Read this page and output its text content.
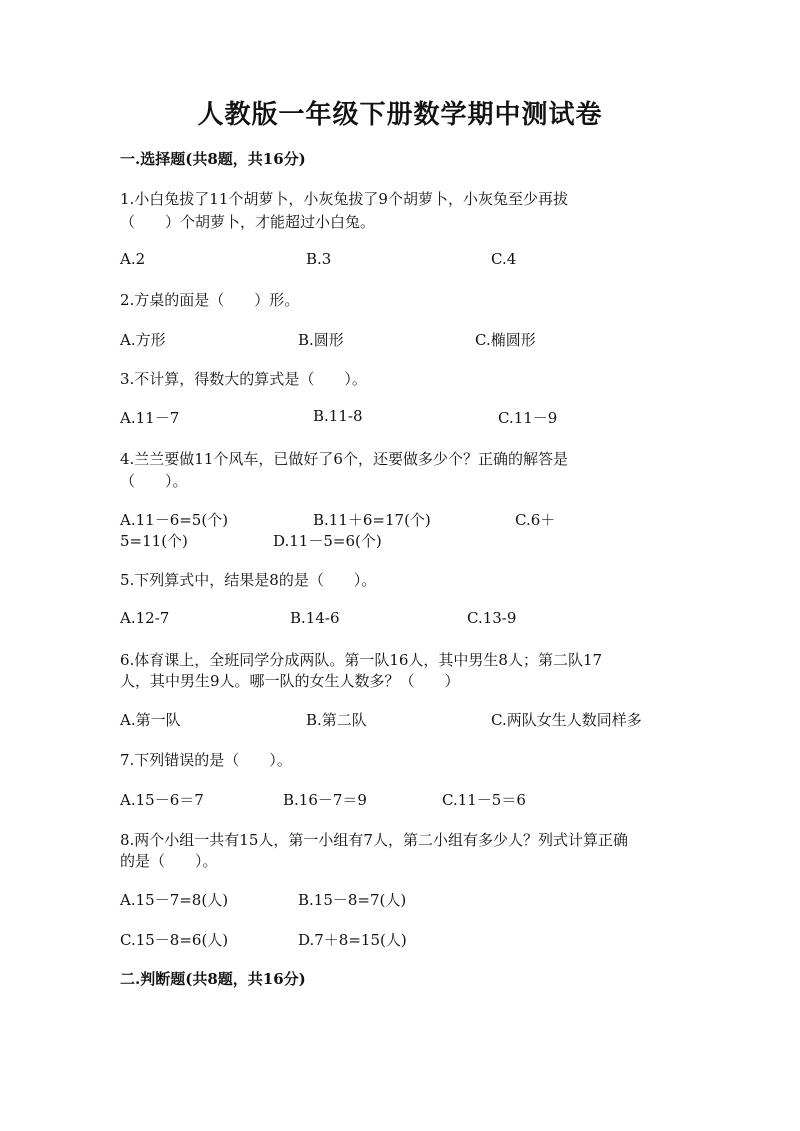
人教版一年级下册数学期中测试卷
一.选择题(共8题，共16分)
1.小白兔拔了11个胡萝卜，小灰兔拔了9个胡萝卜，小灰兔至少再拔
（　　）个胡萝卜，才能超过小白兔。
A.2	B.3	C.4
2.方桌的面是（　　）形。
A.方形	B.圆形	C.椭圆形
3.不计算，得数大的算式是（　　）。
A.11－7	B.11-8	C.11－9
4.兰兰要做11个风车，已做好了6个，还要做多少个？正确的解答是
（　　）。
A.11－6=5(个)	B.11＋6=17(个)	C.6＋
5=11(个)	D.11－5=6(个)
5.下列算式中，结果是8的是（　　）。
A.12-7	B.14-6	C.13-9
6.体育课上，全班同学分成两队。第一队16人，其中男生8人；第二队17
人，其中男生9人。哪一队的女生人数多？（　　）
A.第一队	B.第二队	C.两队女生人数同样多
7.下列错误的是（　　）。
A.15－6＝7	B.16－7＝9	C.11－5＝6
8.两个小组一共有15人，第一小组有7人，第二小组有多少人？列式计算正确
的是（　　）。
A.15－7=8(人)	B.15－8=7(人)
C.15－8=6(人)	D.7＋8=15(人)
二.判断题(共8题，共16分)
